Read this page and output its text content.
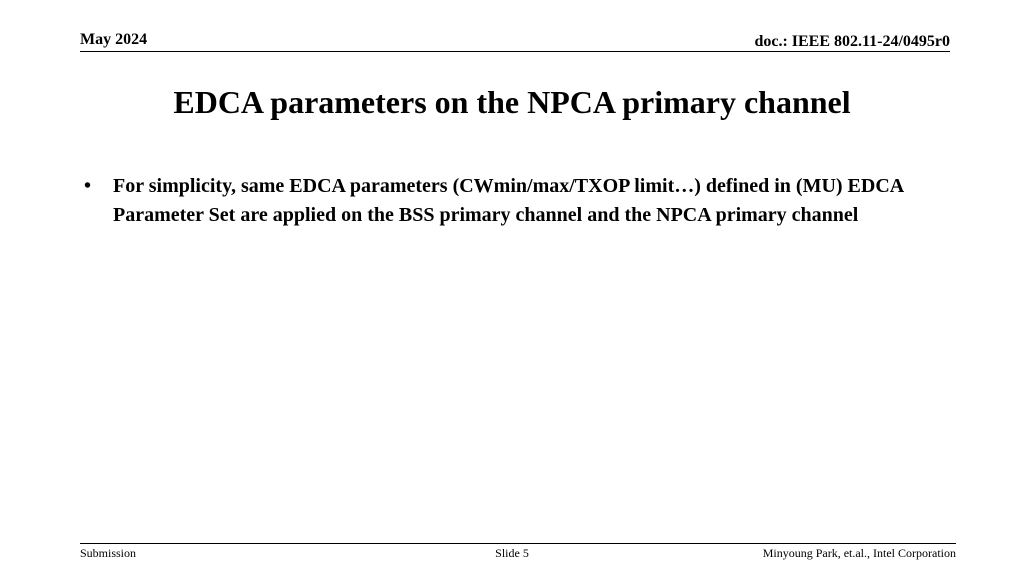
May 2024	doc.: IEEE 802.11-24/0495r0
EDCA parameters on the NPCA primary channel
• For simplicity, same EDCA parameters (CWmin/max/TXOP limit…) defined in (MU) EDCA Parameter Set are applied on the BSS primary channel and the NPCA primary channel
Submission	Slide 5	Minyoung Park, et.al., Intel Corporation
